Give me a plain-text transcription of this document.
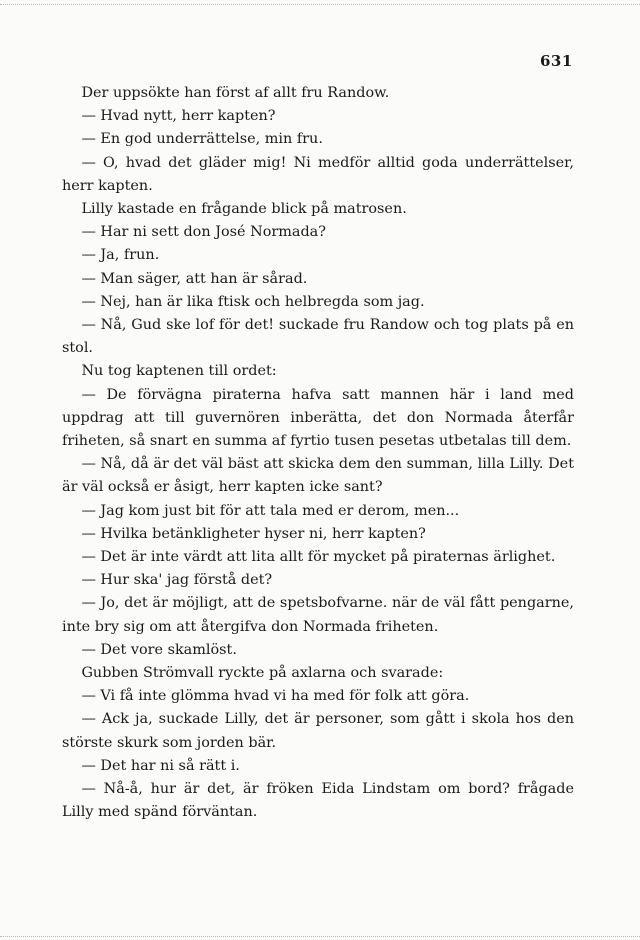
631

Der uppsökte han först af allt fru Randow.

— Hvad nytt, herr kapten?

— En god underrättelse, min fru.

— O, hvad det gläder mig! Ni medför alltid goda underrättelser, herr kapten.

Lilly kastade en frågande blick på matrosen.

— Har ni sett don José Normada?

— Ja, frun.

— Man säger, att han är sårad.

— Nej, han är lika ftisk och helbregda som jag.

— Nå, Gud ske lof för det! suckade fru Randow och tog plats på en stol.

Nu tog kaptenen till ordet:

— De förvägna piraterna hafva satt mannen här i land med uppdrag att till guvernören inberätta, det don Normada återfår friheten, så snart en summa af fyrtio tusen pesetas utbetalas till dem.

— Nå, då är det väl bäst att skicka dem den summan, lilla Lilly. Det är väl också er åsigt, herr kapten icke sant?

— Jag kom just bit för att tala med er derom, men...

— Hvilka betänkligheter hyser ni, herr kapten?

— Det är inte värdt att lita allt för mycket på piraternas ärlighet.

— Hur ska' jag förstå det?

— Jo, det är möjligt, att de spetsbofvarne. när de väl fått pengarne, inte bry sig om att återgifva don Normada friheten.

— Det vore skamlöst.

Gubben Strömvall ryckte på axlarna och svarade:

— Vi få inte glömma hvad vi ha med för folk att göra.

— Ack ja, suckade Lilly, det är personer, som gått i skola hos den störste skurk som jorden bär.

— Det har ni så rätt i.

— Nå-å, hur är det, är fröken Eida Lindstam om bord? frågade Lilly med spänd förväntan.
